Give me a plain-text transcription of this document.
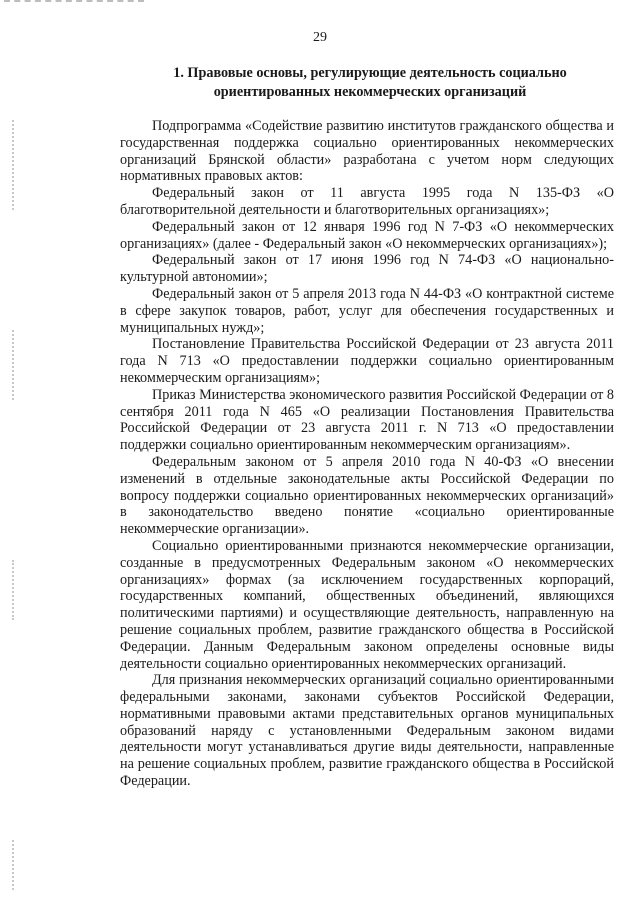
29
1. Правовые основы, регулирующие деятельность социально ориентированных некоммерческих организаций

Подпрограмма «Содействие развитию институтов гражданского общества и государственная поддержка социально ориентированных некоммерческих организаций Брянской области» разработана с учетом норм следующих нормативных правовых актов:

Федеральный закон от 11 августа 1995 года N 135-ФЗ «О благотворительной деятельности и благотворительных организациях»;

Федеральный закон от 12 января 1996 год N 7-ФЗ «О некоммерческих организациях» (далее - Федеральный закон «О некоммерческих организациях»);

Федеральный закон от 17 июня 1996 год N 74-ФЗ «О национально-культурной автономии»;

Федеральный закон от 5 апреля 2013 года N 44-ФЗ «О контрактной системе в сфере закупок товаров, работ, услуг для обеспечения государственных и муниципальных нужд»;

Постановление Правительства Российской Федерации от 23 августа 2011 года N 713 «О предоставлении поддержки социально ориентированным некоммерческим организациям»;

Приказ Министерства экономического развития Российской Федерации от 8 сентября 2011 года N 465 «О реализации Постановления Правительства Российской Федерации от 23 августа 2011 г. N 713 «О предоставлении поддержки социально ориентированным некоммерческим организациям».

Федеральным законом от 5 апреля 2010 года N 40-ФЗ «О внесении изменений в отдельные законодательные акты Российской Федерации по вопросу поддержки социально ориентированных некоммерческих организаций» в законодательство введено понятие «социально ориентированные некоммерческие организации».

Социально ориентированными признаются некоммерческие организации, созданные в предусмотренных Федеральным законом «О некоммерческих организациях» формах (за исключением государственных корпораций, государственных компаний, общественных объединений, являющихся политическими партиями) и осуществляющие деятельность, направленную на решение социальных проблем, развитие гражданского общества в Российской Федерации. Данным Федеральным законом определены основные виды деятельности социально ориентированных некоммерческих организаций.

Для признания некоммерческих организаций социально ориентированными федеральными законами, законами субъектов Российской Федерации, нормативными правовыми актами представительных органов муниципальных образований наряду с установленными Федеральным законом видами деятельности могут устанавливаться другие виды деятельности, направленные на решение социальных проблем, развитие гражданского общества в Российской Федерации.
